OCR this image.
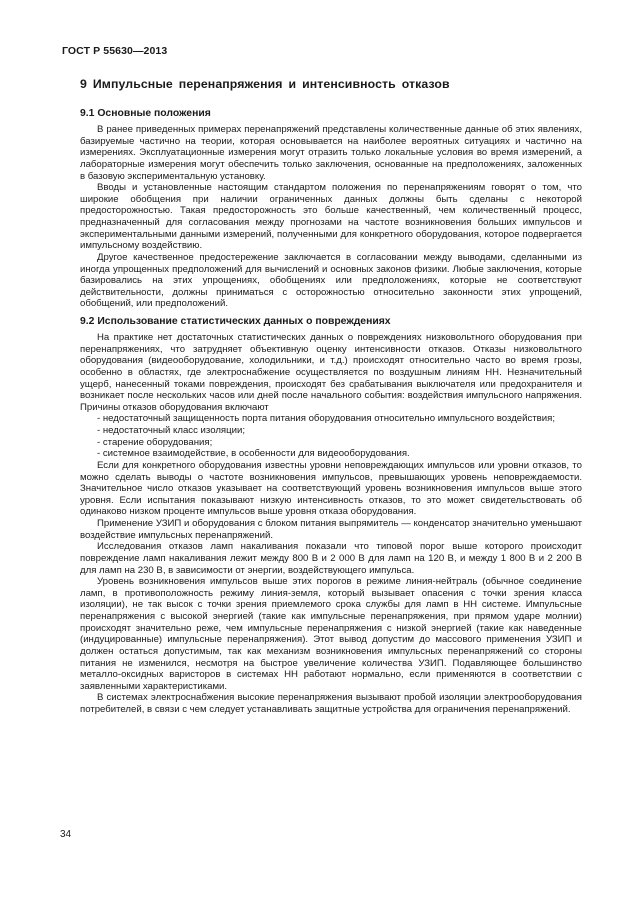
ГОСТ Р 55630—2013
9 Импульсные перенапряжения и интенсивность отказов
9.1 Основные положения

В ранее приведенных примерах перенапряжений представлены количественные данные об этих явлениях, базируемые частично на теории, которая основывается на наиболее вероятных ситуациях и частично на измерениях. Эксплуатационные измерения могут отразить только локальные условия во время измерений, а лабораторные измерения могут обеспечить только заключения, основанные на предположениях, заложенных в базовую экспериментальную установку.

Вводы и установленные настоящим стандартом положения по перенапряжениям говорят о том, что широкие обобщения при наличии ограниченных данных должны быть сделаны с некоторой предосторожностью. Такая предосторожность это больше качественный, чем количественный процесс, предназначенный для согласования между прогнозами на частоте возникновения больших импульсов и экспериментальными данными измерений, полученными для конкретного оборудования, которое подвергается импульсному воздействию.

Другое качественное предостережение заключается в согласовании между выводами, сделанными из иногда упрощенных предположений для вычислений и основных законов физики. Любые заключения, которые базировались на этих упрощениях, обобщениях или предположениях, которые не соответствуют действительности, должны приниматься с осторожностью относительно законности этих упрощений, обобщений, или предположений.

9.2 Использование статистических данных о повреждениях

На практике нет достаточных статистических данных о повреждениях низковольтного оборудования при перенапряжениях, что затрудняет объективную оценку интенсивности отказов. Отказы низковольтного оборудования (видеооборудование, холодильники, и т.д.) происходят относительно часто во время грозы, особенно в областях, где электроснабжение осуществляется по воздушным линиям НН. Незначительный ущерб, нанесенный токами повреждения, происходят без срабатывания выключателя или предохранителя и возникает после нескольких часов или дней после начального события: воздействия импульсного напряжения. Причины отказов оборудования включают

- недостаточный защищенность порта питания оборудования относительно импульсного воздействия;

- недостаточный класс изоляции;

- старение оборудования;

- системное взаимодействие, в особенности для видеооборудования.

Если для конкретного оборудования известны уровни неповреждающих импульсов или уровни отказов, то можно сделать выводы о частоте возникновения импульсов, превышающих уровень неповреждаемости. Значительное число отказов указывает на соответствующий уровень возникновения импульсов выше этого уровня. Если испытания показывают низкую интенсивность отказов, то это может свидетельствовать об одинаково низком проценте импульсов выше уровня отказа оборудования.

Применение УЗИП и оборудования с блоком питания выпрямитель — конденсатор значительно уменьшают воздействие импульсных перенапряжений.

Исследования отказов ламп накаливания показали что типовой порог выше которого происходит повреждение ламп накаливания лежит между 800 В и 2 000 В для ламп на 120 В, и между 1 800 В и 2 200 В для ламп на 230 В, в зависимости от энергии, воздействующего импульса.

Уровень возникновения импульсов выше этих порогов в режиме линия-нейтраль (обычное соединение ламп, в противоположность режиму линия-земля, который вызывает опасения с точки зрения класса изоляции), не так высок с точки зрения приемлемого срока службы для ламп в НН системе. Импульсные перенапряжения с высокой энергией (такие как импульсные перенапряжения, при прямом ударе молнии) происходят значительно реже, чем импульсные перенапряжения с низкой энергией (такие как наведенные (индуцированные) импульсные перенапряжения). Этот вывод допустим до массового применения УЗИП и должен остаться допустимым, так как механизм возникновения импульсных перенапряжений со стороны питания не изменился, несмотря на быстрое увеличение количества УЗИП. Подавляющее большинство металло-оксидных варисторов в системах НН работают нормально, если применяются в соответствии с заявленными характеристиками.

В системах электроснабжения высокие перенапряжения вызывают пробой изоляции электрооборудования потребителей, в связи с чем следует устанавливать защитные устройства для ограничения перенапряжений.

34
